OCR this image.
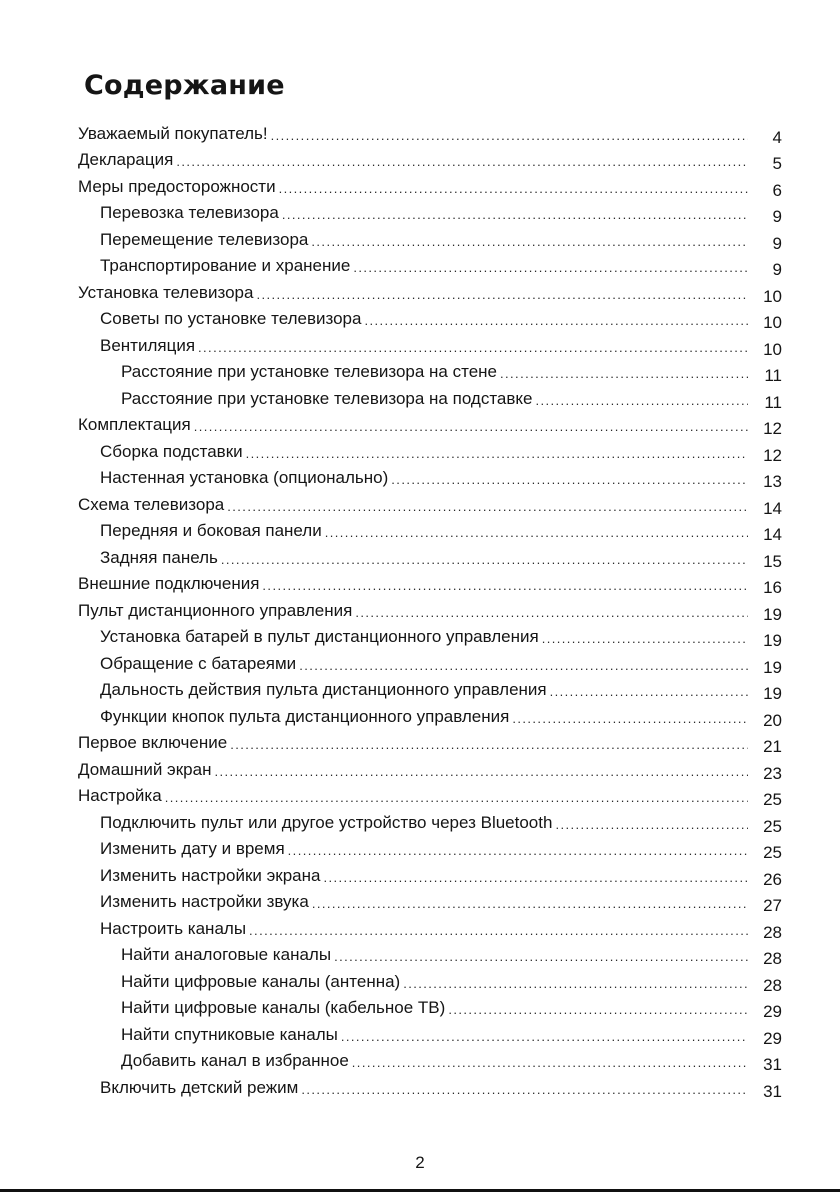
Содержание
Уважаемый покупатель! .....	4
Декларация .....	5
Меры предосторожности .....	6
Перевозка телевизора .....	9
Перемещение телевизора .....	9
Транспортирование и хранение .....	9
Установка телевизора .....	10
Советы по установке телевизора .....	10
Вентиляция .....	10
Расстояние при установке телевизора на стене .....	11
Расстояние при установке телевизора на подставке .....	11
Комплектация .....	12
Сборка подставки .....	12
Настенная установка (опционально) .....	13
Схема телевизора .....	14
Передняя и боковая панели .....	14
Задняя панель .....	15
Внешние подключения .....	16
Пульт дистанционного управления .....	19
Установка батарей в пульт дистанционного управления .....	19
Обращение с батареями .....	19
Дальность действия пульта дистанционного управления .....	19
Функции кнопок пульта дистанционного управления .....	20
Первое включение .....	21
Домашний экран .....	23
Настройка .....	25
Подключить пульт или другое устройство через Bluetooth .....	25
Изменить дату и время .....	25
Изменить настройки экрана .....	26
Изменить настройки звука .....	27
Настроить каналы .....	28
Найти аналоговые каналы .....	28
Найти цифровые каналы (антенна) .....	28
Найти цифровые каналы (кабельное ТВ) .....	29
Найти спутниковые каналы .....	29
Добавить канал в избранное .....	31
Включить детский режим .....	31
2
